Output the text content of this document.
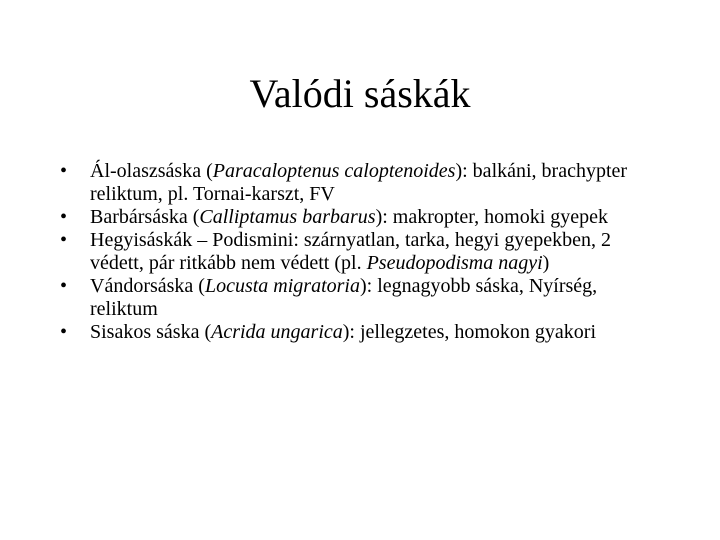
Valódi sáskák
•	Ál-olaszsáska (Paracaloptenus caloptenoides): balkáni, brachypter reliktum, pl. Tornai-karszt, FV
•	Barbársáska (Calliptamus barbarus): makropter, homoki gyepek
•	Hegyisáskák – Podismini: szárnyatlan, tarka, hegyi gyepekben, 2 védett, pár ritkább nem védett (pl. Pseudopodisma nagyi)
•	Vándorsáska (Locusta migratoria): legnagyobb sáska, Nyírség, reliktum
•	Sisakos sáska (Acrida ungarica): jellegzetes, homokon gyakori
